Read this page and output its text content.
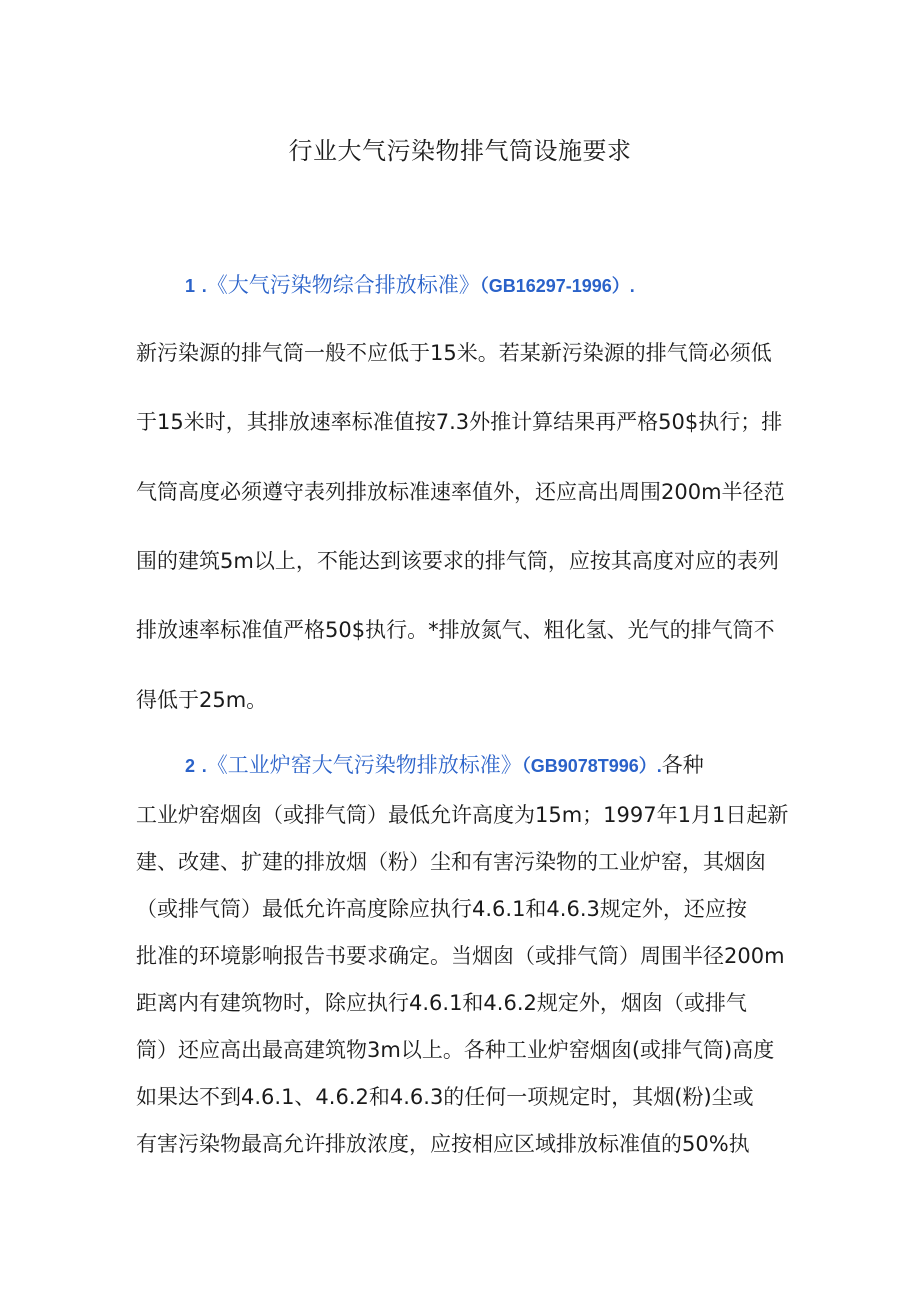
行业大气污染物排气筒设施要求
1 .《大气污染物综合排放标准》（GB16297-1996）.
新污染源的排气筒一般不应低于15米。若某新污染源的排气筒必须低
于15米时，其排放速率标准值按7.3外推计算结果再严格50$执行；排
气筒高度必须遵守表列排放标准速率值外，还应高出周围200m半径范
围的建筑5m以上，不能达到该要求的排气筒，应按其高度对应的表列
排放速率标准值严格50$执行。*排放氮气、粗化氢、光气的排气筒不
得低于25m。
2 .《工业炉窑大气污染物排放标准》（GB9078T996）.各种
工业炉窑烟囱（或排气筒）最低允许高度为15m；1997年1月1日起新
建、改建、扩建的排放烟（粉）尘和有害污染物的工业炉窑，其烟囱
（或排气筒）最低允许高度除应执行4.6.1和4.6.3规定外，还应按
批准的环境影响报告书要求确定。当烟囱（或排气筒）周围半径200m
距离内有建筑物时，除应执行4.6.1和4.6.2规定外，烟囱（或排气
筒）还应高出最高建筑物3m以上。各种工业炉窑烟囱(或排气筒)高度
如果达不到4.6.1、4.6.2和4.6.3的任何一项规定时，其烟(粉)尘或
有害污染物最高允许排放浓度，应按相应区域排放标准值的50%执
